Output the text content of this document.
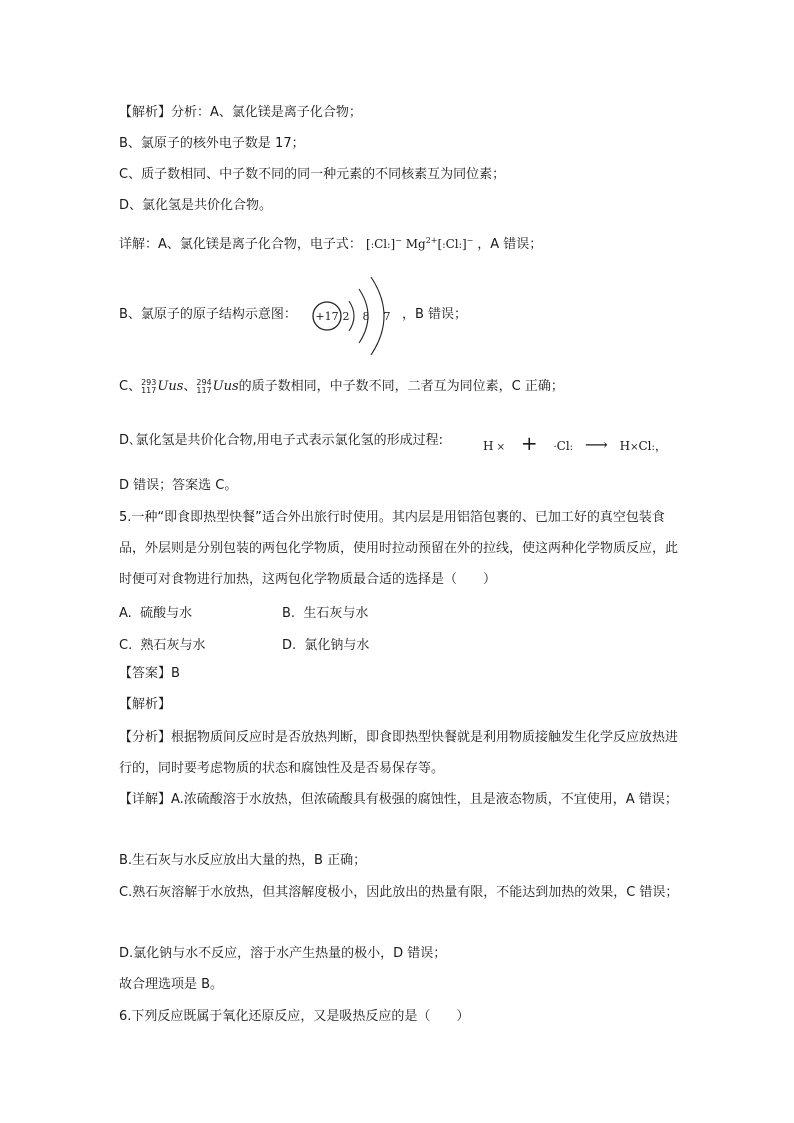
【解析】分析：A、氯化镁是离子化合物；
B、氯原子的核外电子数是 17；
C、质子数相同、中子数不同的同一种元素的不同核素互为同位素；
D、氯化氢是共价化合物。
详解：A、氯化镁是离子化合物，电子式： [:Cl:]− $Mg^{2+}[:Cl:]^-$ ，A 错误；
B、氯原子的原子结构示意图： +17 2 8 7 ，B 错误；
C、293
117Uus、294
117Uus的质子数相同，中子数不同，二者互为同位素，C 正确；
D､氯化氢是共价化合物,用电子式表示氯化氢的形成过程:	H × + ·Cl: ⟶ H×Cl:，
D 错误；答案选 C。
5.一种“即食即热型快餐”适合外出旅行时使用。其内层是用铝箔包裹的、已加工好的真空包装食品，外层则是分别包装的两包化学物质，使用时拉动预留在外的拉线，使这两种化学物质反应，此时便可对食物进行加热，这两包化学物质最合适的选择是（　　）
A. 硫酸与水	B. 生石灰与水
C. 熟石灰与水	D. 氯化钠与水
【答案】B
【解析】
【分析】根据物质间反应时是否放热判断，即食即热型快餐就是利用物质接触发生化学反应放热进行的，同时要考虑物质的状态和腐蚀性及是否易保存等。
【详解】A.浓硫酸溶于水放热，但浓硫酸具有极强的腐蚀性，且是液态物质，不宜使用，A 错误；
B.生石灰与水反应放出大量的热，B 正确；
C.熟石灰溶解于水放热，但其溶解度极小，因此放出的热量有限，不能达到加热的效果，C 错误；
D.氯化钠与水不反应，溶于水产生热量的极小，D 错误；
故合理选项是 B。
6.下列反应既属于氧化还原反应，又是吸热反应的是（　　）
